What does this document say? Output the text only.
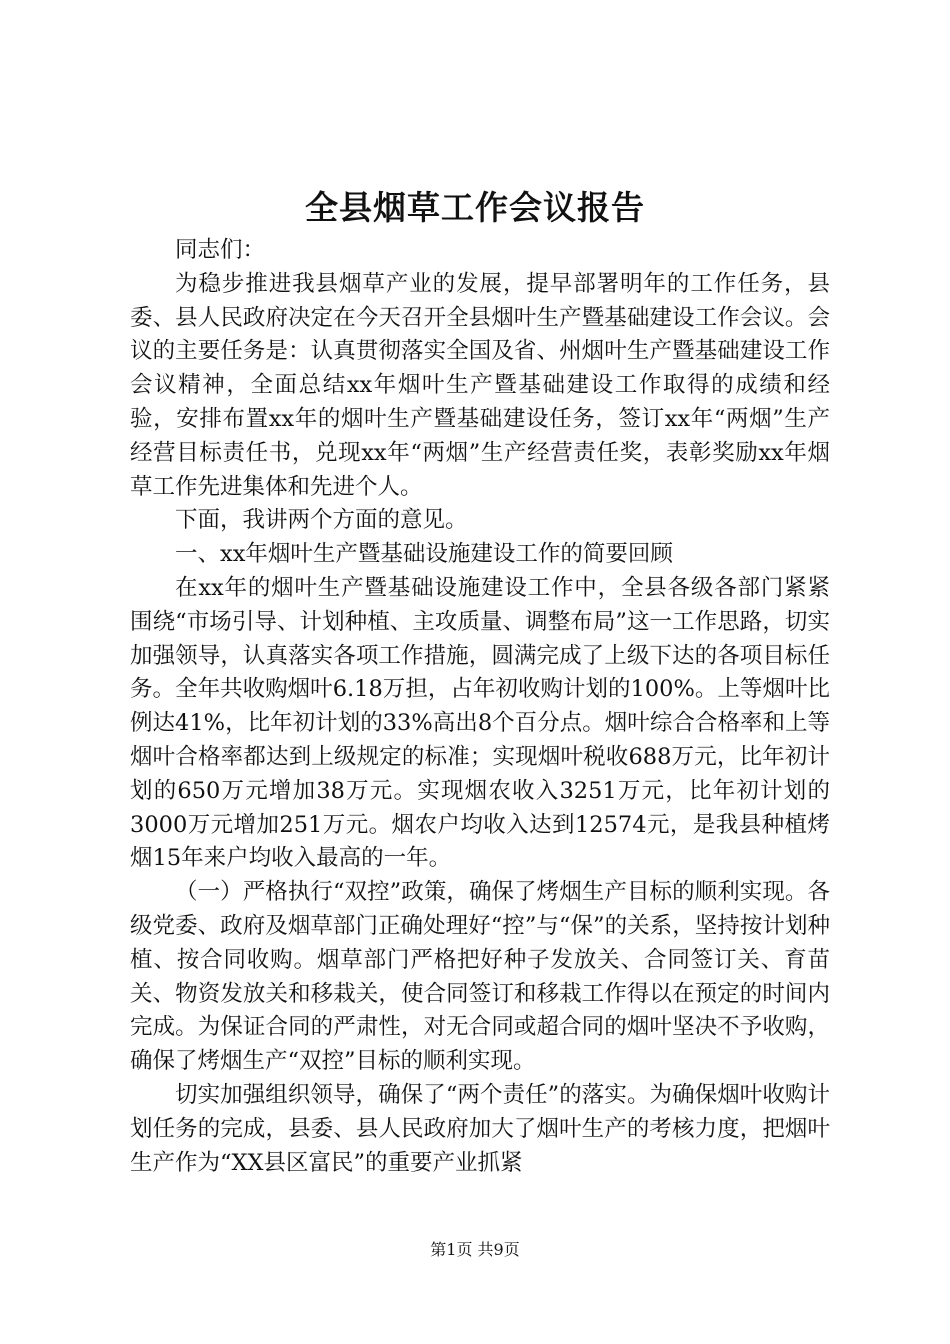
全县烟草工作会议报告

同志们：

为稳步推进我县烟草产业的发展，提早部署明年的工作任务，县委、县人民政府决定在今天召开全县烟叶生产暨基础建设工作会议。会议的主要任务是：认真贯彻落实全国及省、州烟叶生产暨基础建设工作会议精神，全面总结xx年烟叶生产暨基础建设工作取得的成绩和经验，安排布置xx年的烟叶生产暨基础建设任务，签订xx年“两烟”生产经营目标责任书，兑现xx年“两烟”生产经营责任奖，表彰奖励xx年烟草工作先进集体和先进个人。

下面，我讲两个方面的意见。

一、xx年烟叶生产暨基础设施建设工作的简要回顾

在xx年的烟叶生产暨基础设施建设工作中，全县各级各部门紧紧围绕“市场引导、计划种植、主攻质量、调整布局”这一工作思路，切实加强领导，认真落实各项工作措施，圆满完成了上级下达的各项目标任务。全年共收购烟叶6.18万担，占年初收购计划的100%。上等烟叶比例达41%，比年初计划的33%高出8个百分点。烟叶综合合格率和上等烟叶合格率都达到上级规定的标准；实现烟叶税收688万元，比年初计划的650万元增加38万元。实现烟农收入3251万元，比年初计划的3000万元增加251万元。烟农户均收入达到12574元，是我县种植烤烟15年来户均收入最高的一年。

（一）严格执行“双控”政策，确保了烤烟生产目标的顺利实现。各级党委、政府及烟草部门正确处理好“控”与“保”的关系，坚持按计划种植、按合同收购。烟草部门严格把好种子发放关、合同签订关、育苗关、物资发放关和移栽关，使合同签订和移栽工作得以在预定的时间内完成。为保证合同的严肃性，对无合同或超合同的烟叶坚决不予收购，确保了烤烟生产“双控”目标的顺利实现。

切实加强组织领导，确保了“两个责任”的落实。为确保烟叶收购计划任务的完成，县委、县人民政府加大了烟叶生产的考核力度，把烟叶生产作为“XX县区富民”的重要产业抓紧

第1页 共9页
